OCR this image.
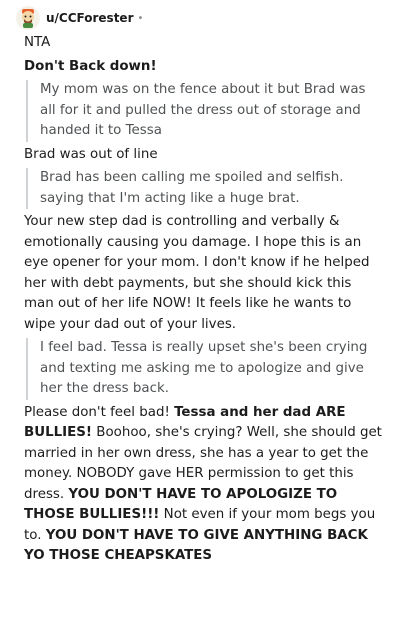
u/CCForester •

NTA

Don't Back down!

My mom was on the fence about it but Brad was all for it and pulled the dress out of storage and handed it to Tessa

Brad was out of line

Brad has been calling me spoiled and selfish. saying that I'm acting like a huge brat.

Your new step dad is controlling and verbally & emotionally causing you damage. I hope this is an eye opener for your mom. I don't know if he helped her with debt payments, but she should kick this man out of her life NOW! It feels like he wants to wipe your dad out of your lives.

I feel bad. Tessa is really upset she's been crying and texting me asking me to apologize and give her the dress back.

Please don't feel bad! Tessa and her dad ARE BULLIES! Boohoo, she's crying? Well, she should get married in her own dress, she has a year to get the money. NOBODY gave HER permission to get this dress. YOU DON'T HAVE TO APOLOGIZE TO THOSE BULLIES!!! Not even if your mom begs you to. YOU DON'T HAVE TO GIVE ANYTHING BACK YO THOSE CHEAPSKATES
